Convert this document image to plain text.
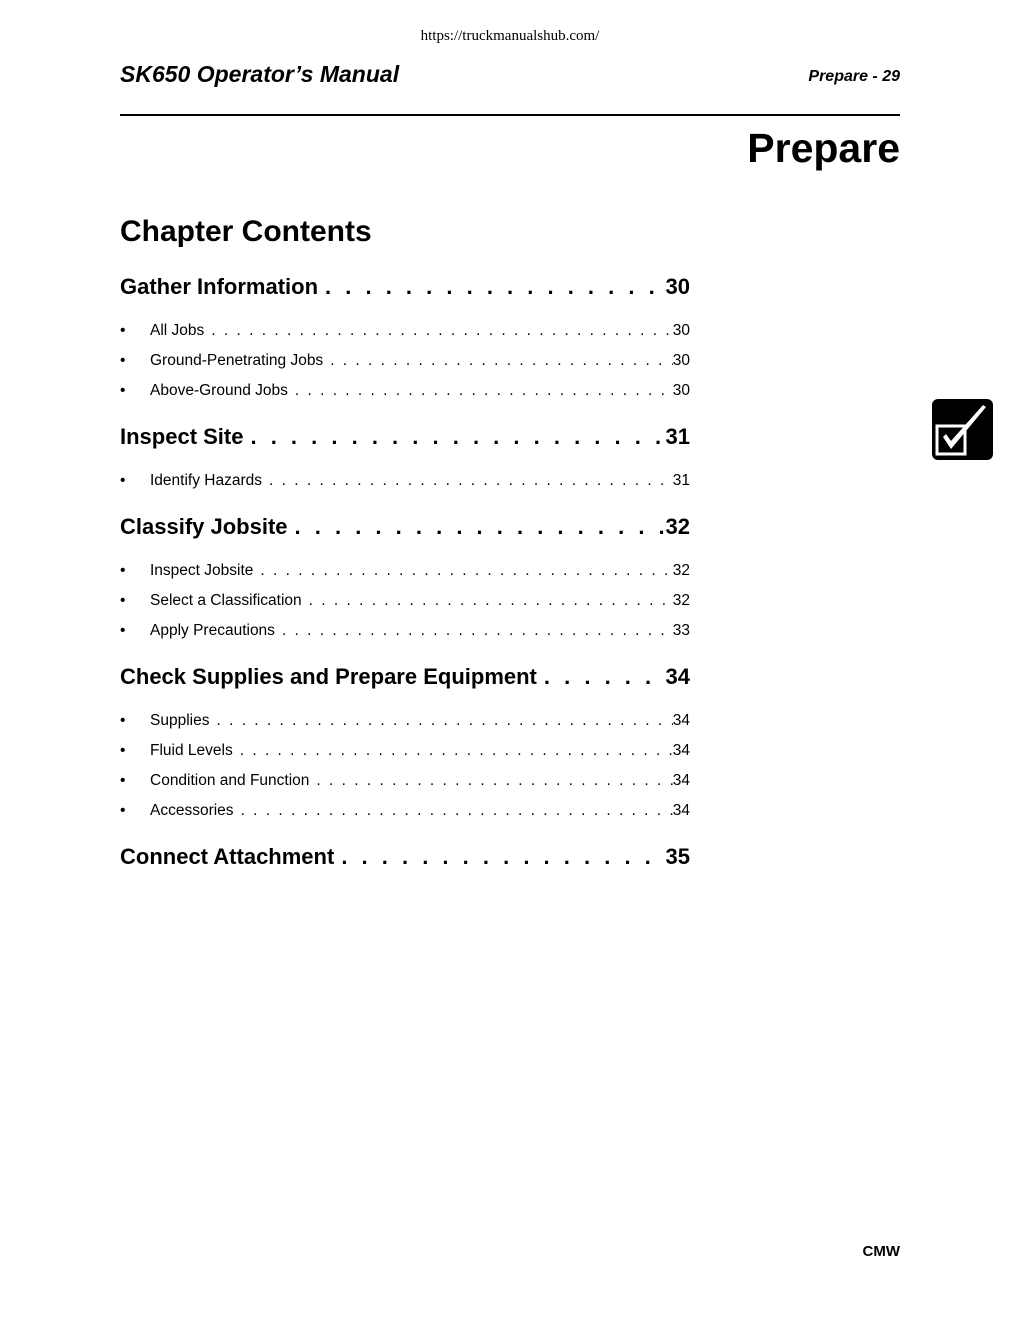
https://truckmanualshub.com/
SK650 Operator’s Manual	Prepare - 29
Prepare
Chapter Contents
Gather Information . . .	30
•	All Jobs . . .	30
•	Ground-Penetrating Jobs . . .	30
•	Above-Ground Jobs . . .	30
Inspect Site . . .	31
•	Identify Hazards . . .	31
Classify Jobsite . . .	32
•	Inspect Jobsite . . .	32
•	Select a Classification . . .	32
•	Apply Precautions . . .	33
Check Supplies and Prepare Equipment . . .	34
•	Supplies . . .	34
•	Fluid Levels . . .	34
•	Condition and Function . . .	34
•	Accessories . . .	34
Connect Attachment . . .	35
CMW
